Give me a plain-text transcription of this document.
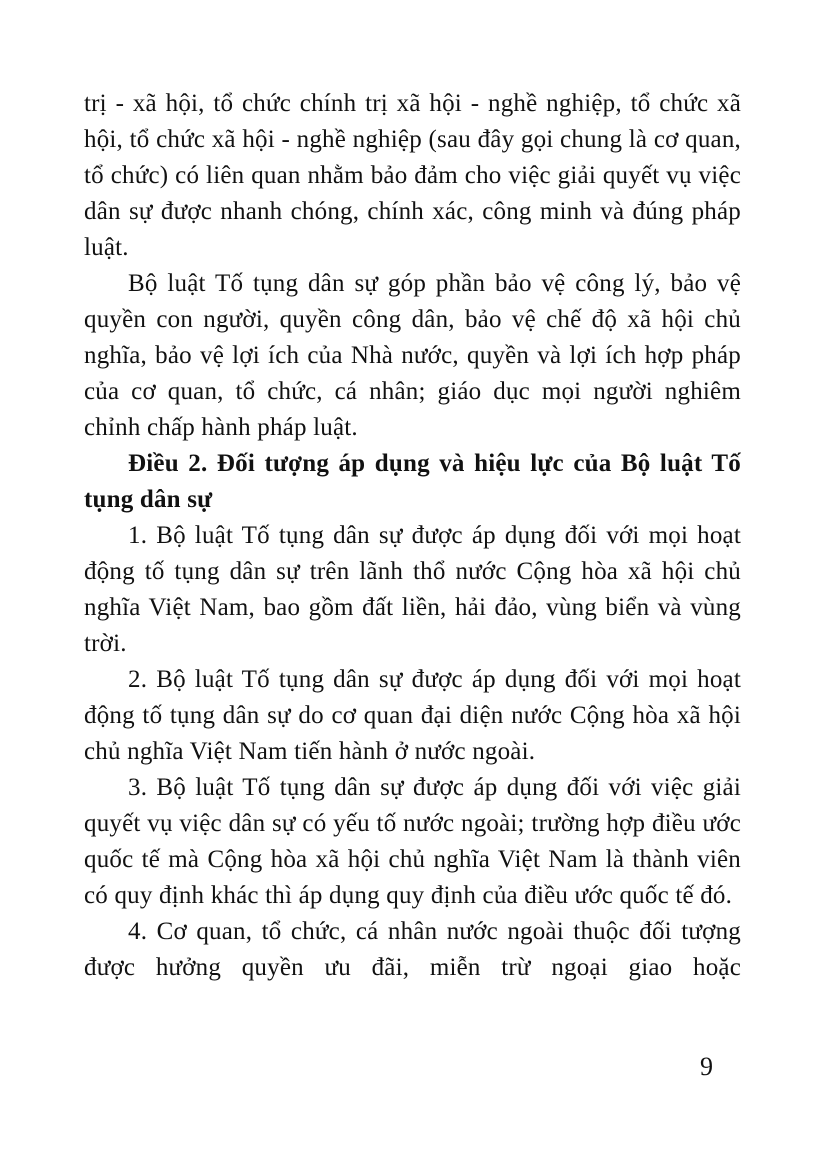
trị - xã hội, tổ chức chính trị xã hội - nghề nghiệp, tổ chức xã hội, tổ chức xã hội - nghề nghiệp (sau đây gọi chung là cơ quan, tổ chức) có liên quan nhằm bảo đảm cho việc giải quyết vụ việc dân sự được nhanh chóng, chính xác, công minh và đúng pháp luật.

Bộ luật Tố tụng dân sự góp phần bảo vệ công lý, bảo vệ quyền con người, quyền công dân, bảo vệ chế độ xã hội chủ nghĩa, bảo vệ lợi ích của Nhà nước, quyền và lợi ích hợp pháp của cơ quan, tổ chức, cá nhân; giáo dục mọi người nghiêm chỉnh chấp hành pháp luật.

Điều 2. Đối tượng áp dụng và hiệu lực của Bộ luật Tố tụng dân sự

1. Bộ luật Tố tụng dân sự được áp dụng đối với mọi hoạt động tố tụng dân sự trên lãnh thổ nước Cộng hòa xã hội chủ nghĩa Việt Nam, bao gồm đất liền, hải đảo, vùng biển và vùng trời.

2. Bộ luật Tố tụng dân sự được áp dụng đối với mọi hoạt động tố tụng dân sự do cơ quan đại diện nước Cộng hòa xã hội chủ nghĩa Việt Nam tiến hành ở nước ngoài.

3. Bộ luật Tố tụng dân sự được áp dụng đối với việc giải quyết vụ việc dân sự có yếu tố nước ngoài; trường hợp điều ước quốc tế mà Cộng hòa xã hội chủ nghĩa Việt Nam là thành viên có quy định khác thì áp dụng quy định của điều ước quốc tế đó.

4. Cơ quan, tổ chức, cá nhân nước ngoài thuộc đối tượng được hưởng quyền ưu đãi, miễn trừ ngoại giao hoặc

9
